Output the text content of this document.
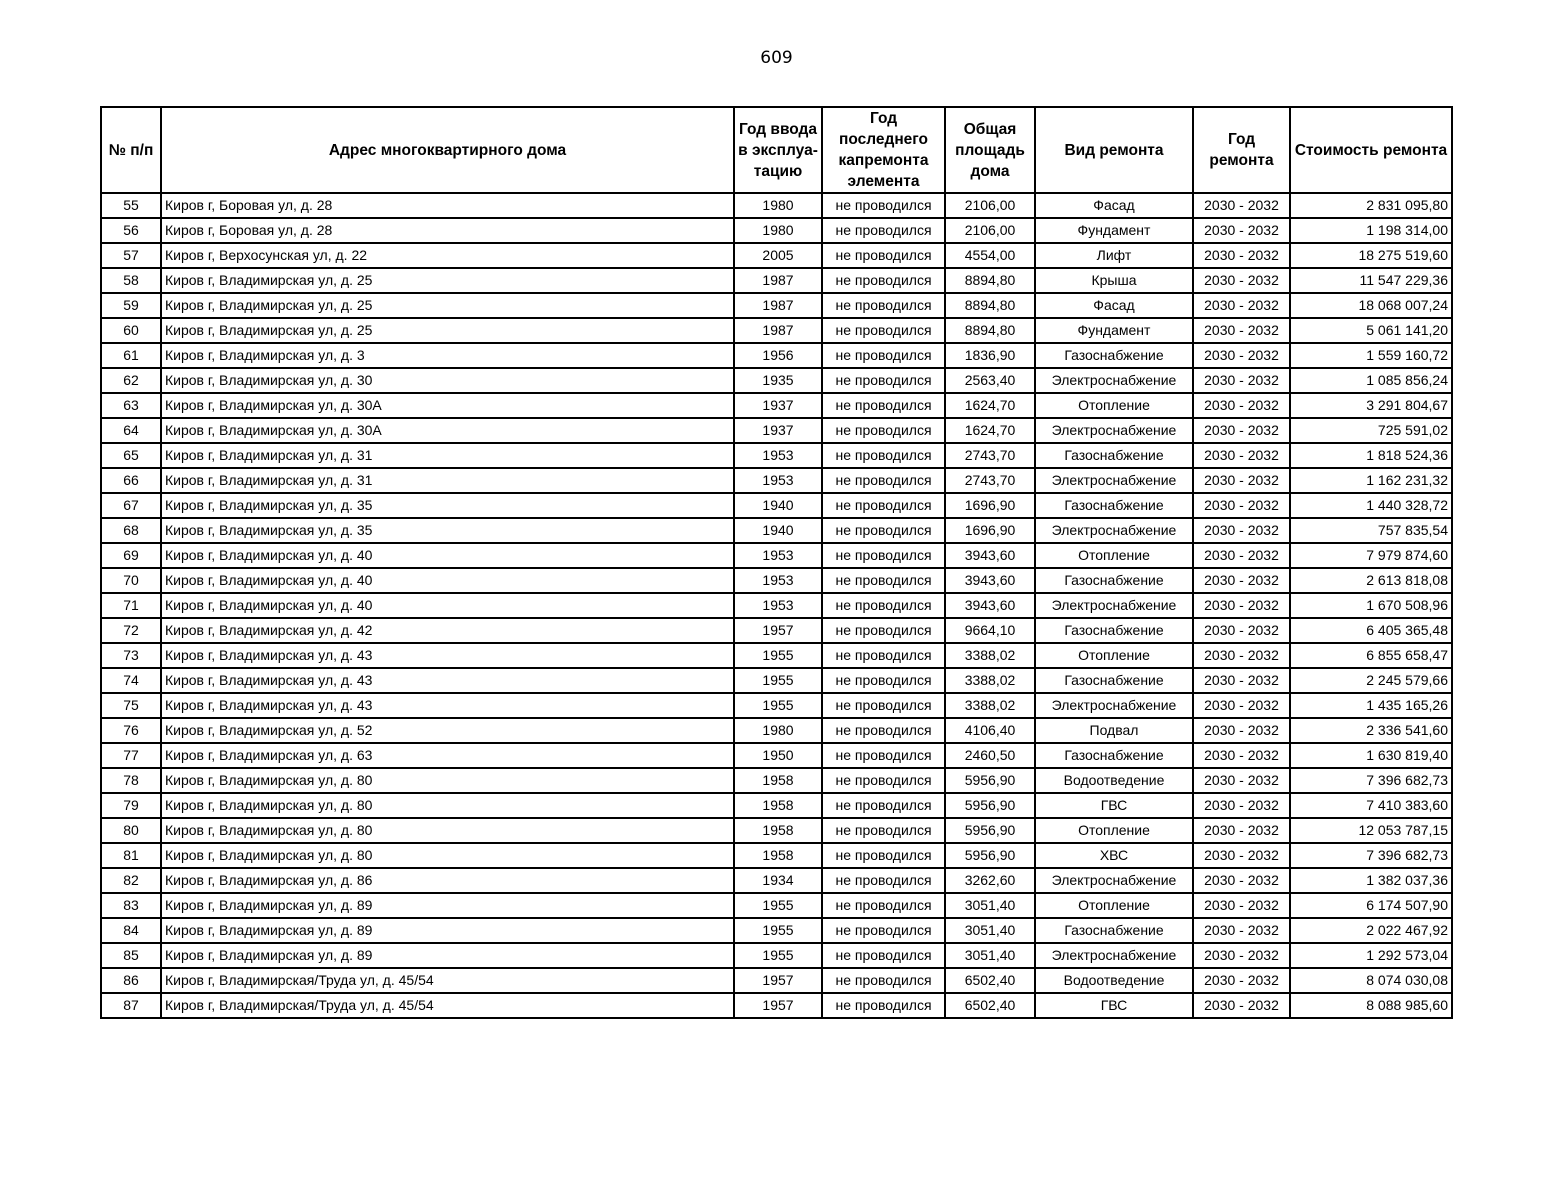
609
№ п/п	Адрес многоквартирного дома	Год ввода в эксплуа-тацию	Год последнего капремонта элемента	Общая площадь дома	Вид ремонта	Год ремонта	Стоимость ремонта
55	Киров г, Боровая ул, д. 28	1980	не проводился	2106,00	Фасад	2030 - 2032	2 831 095,80
56	Киров г, Боровая ул, д. 28	1980	не проводился	2106,00	Фундамент	2030 - 2032	1 198 314,00
57	Киров г, Верхосунская ул, д. 22	2005	не проводился	4554,00	Лифт	2030 - 2032	18 275 519,60
58	Киров г, Владимирская ул, д. 25	1987	не проводился	8894,80	Крыша	2030 - 2032	11 547 229,36
59	Киров г, Владимирская ул, д. 25	1987	не проводился	8894,80	Фасад	2030 - 2032	18 068 007,24
60	Киров г, Владимирская ул, д. 25	1987	не проводился	8894,80	Фундамент	2030 - 2032	5 061 141,20
61	Киров г, Владимирская ул, д. 3	1956	не проводился	1836,90	Газоснабжение	2030 - 2032	1 559 160,72
62	Киров г, Владимирская ул, д. 30	1935	не проводился	2563,40	Электроснабжение	2030 - 2032	1 085 856,24
63	Киров г, Владимирская ул, д. 30А	1937	не проводился	1624,70	Отопление	2030 - 2032	3 291 804,67
64	Киров г, Владимирская ул, д. 30А	1937	не проводился	1624,70	Электроснабжение	2030 - 2032	725 591,02
65	Киров г, Владимирская ул, д. 31	1953	не проводился	2743,70	Газоснабжение	2030 - 2032	1 818 524,36
66	Киров г, Владимирская ул, д. 31	1953	не проводился	2743,70	Электроснабжение	2030 - 2032	1 162 231,32
67	Киров г, Владимирская ул, д. 35	1940	не проводился	1696,90	Газоснабжение	2030 - 2032	1 440 328,72
68	Киров г, Владимирская ул, д. 35	1940	не проводился	1696,90	Электроснабжение	2030 - 2032	757 835,54
69	Киров г, Владимирская ул, д. 40	1953	не проводился	3943,60	Отопление	2030 - 2032	7 979 874,60
70	Киров г, Владимирская ул, д. 40	1953	не проводился	3943,60	Газоснабжение	2030 - 2032	2 613 818,08
71	Киров г, Владимирская ул, д. 40	1953	не проводился	3943,60	Электроснабжение	2030 - 2032	1 670 508,96
72	Киров г, Владимирская ул, д. 42	1957	не проводился	9664,10	Газоснабжение	2030 - 2032	6 405 365,48
73	Киров г, Владимирская ул, д. 43	1955	не проводился	3388,02	Отопление	2030 - 2032	6 855 658,47
74	Киров г, Владимирская ул, д. 43	1955	не проводился	3388,02	Газоснабжение	2030 - 2032	2 245 579,66
75	Киров г, Владимирская ул, д. 43	1955	не проводился	3388,02	Электроснабжение	2030 - 2032	1 435 165,26
76	Киров г, Владимирская ул, д. 52	1980	не проводился	4106,40	Подвал	2030 - 2032	2 336 541,60
77	Киров г, Владимирская ул, д. 63	1950	не проводился	2460,50	Газоснабжение	2030 - 2032	1 630 819,40
78	Киров г, Владимирская ул, д. 80	1958	не проводился	5956,90	Водоотведение	2030 - 2032	7 396 682,73
79	Киров г, Владимирская ул, д. 80	1958	не проводился	5956,90	ГВС	2030 - 2032	7 410 383,60
80	Киров г, Владимирская ул, д. 80	1958	не проводился	5956,90	Отопление	2030 - 2032	12 053 787,15
81	Киров г, Владимирская ул, д. 80	1958	не проводился	5956,90	ХВС	2030 - 2032	7 396 682,73
82	Киров г, Владимирская ул, д. 86	1934	не проводился	3262,60	Электроснабжение	2030 - 2032	1 382 037,36
83	Киров г, Владимирская ул, д. 89	1955	не проводился	3051,40	Отопление	2030 - 2032	6 174 507,90
84	Киров г, Владимирская ул, д. 89	1955	не проводился	3051,40	Газоснабжение	2030 - 2032	2 022 467,92
85	Киров г, Владимирская ул, д. 89	1955	не проводился	3051,40	Электроснабжение	2030 - 2032	1 292 573,04
86	Киров г, Владимирская/Труда ул, д. 45/54	1957	не проводился	6502,40	Водоотведение	2030 - 2032	8 074 030,08
87	Киров г, Владимирская/Труда ул, д. 45/54	1957	не проводился	6502,40	ГВС	2030 - 2032	8 088 985,60
